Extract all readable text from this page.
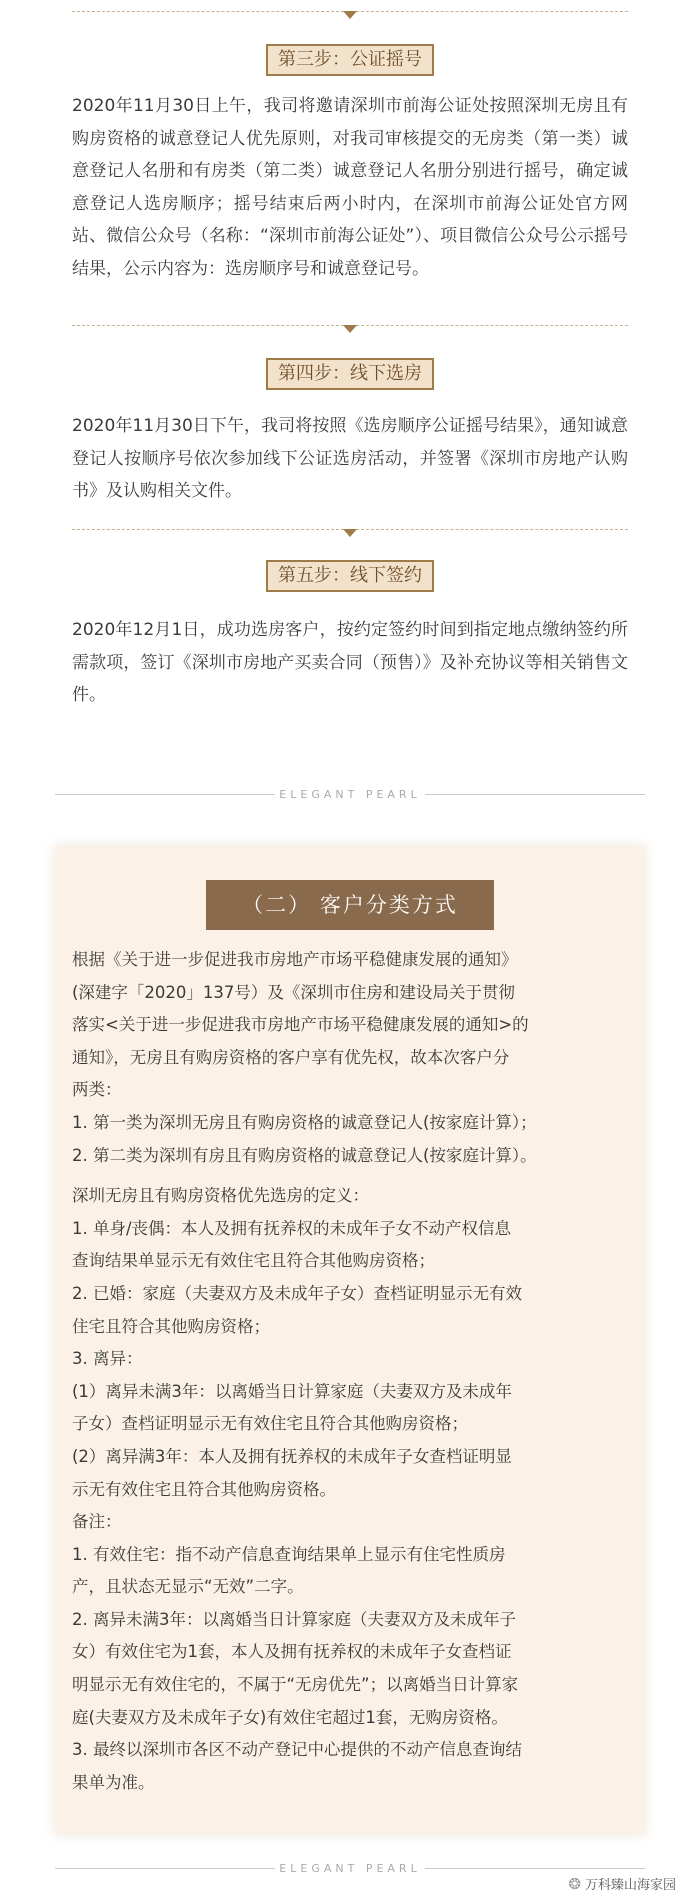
第三步：公证摇号

2020年11月30日上午，我司将邀请深圳市前海公证处按照深圳无房且有购房资格的诚意登记人优先原则，对我司审核提交的无房类（第一类）诚意登记人名册和有房类（第二类）诚意登记人名册分别进行摇号，确定诚意登记人选房顺序；摇号结束后两小时内，在深圳市前海公证处官方网站、微信公众号（名称：“深圳市前海公证处”）、项目微信公众号公示摇号结果，公示内容为：选房顺序号和诚意登记号。

第四步：线下选房

2020年11月30日下午，我司将按照《选房顺序公证摇号结果》，通知诚意登记人按顺序号依次参加线下公证选房活动，并签署《深圳市房地产认购书》及认购相关文件。

第五步：线下签约

2020年12月1日，成功选房客户，按约定签约时间到指定地点缴纳签约所需款项，签订《深圳市房地产买卖合同（预售）》及补充协议等相关销售文件。

ELEGANT PEARL
（二） 客户分类方式
根据《关于进一步促进我市房地产市场平稳健康发展的通知》
(深建字「2020」137号）及《深圳市住房和建设局关于贯彻
落实<关于进一步促进我市房地产市场平稳健康发展的通知>的
通知》，无房且有购房资格的客户享有优先权，故本次客户分
两类：
1. 第一类为深圳无房且有购房资格的诚意登记人(按家庭计算）；
2. 第二类为深圳有房且有购房资格的诚意登记人(按家庭计算）。
深圳无房且有购房资格优先选房的定义：
1. 单身/丧偶：本人及拥有抚养权的未成年子女不动产权信息
查询结果单显示无有效住宅且符合其他购房资格；
2. 已婚：家庭（夫妻双方及未成年子女）查档证明显示无有效
住宅且符合其他购房资格；
3. 离异：
(1）离异未满3年：以离婚当日计算家庭（夫妻双方及未成年
子女）查档证明显示无有效住宅且符合其他购房资格；
(2）离异满3年：本人及拥有抚养权的未成年子女查档证明显
示无有效住宅且符合其他购房资格。
备注：
1. 有效住宅：指不动产信息查询结果单上显示有住宅性质房
产，且状态无显示“无效”二字。
2. 离异未满3年：以离婚当日计算家庭（夫妻双方及未成年子
女）有效住宅为1套，本人及拥有抚养权的未成年子女查档证
明显示无有效住宅的，不属于“无房优先”；以离婚当日计算家
庭(夫妻双方及未成年子女)有效住宅超过1套，无购房资格。
3. 最终以深圳市各区不动产登记中心提供的不动产信息查询结
果单为准。
ELEGANT PEARL
❂ 万科臻山海家园
